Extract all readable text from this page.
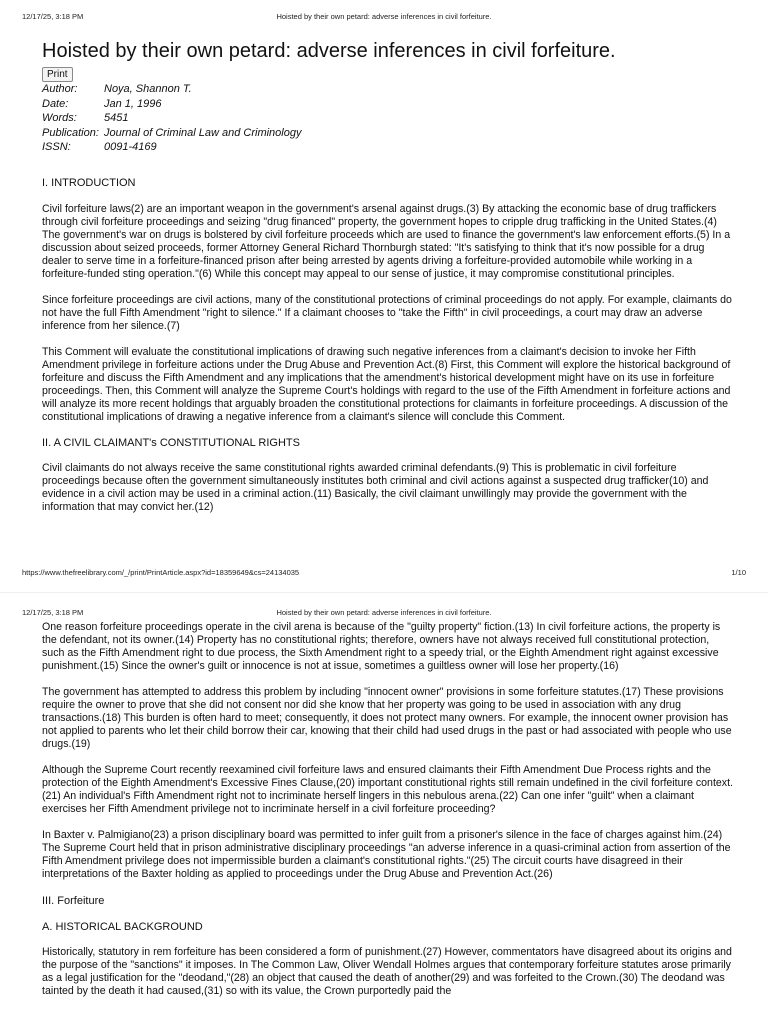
12/17/25, 3:18 PM	Hoisted by their own petard: adverse inferences in civil forfeiture.
Hoisted by their own petard: adverse inferences in civil forfeiture.
Print
Author:	Noya, Shannon T.
Date:	Jan 1, 1996
Words:	5451
Publication:	Journal of Criminal Law and Criminology
ISSN:	0091-4169
I. INTRODUCTION

Civil forfeiture laws(2) are an important weapon in the government's arsenal against drugs.(3) By attacking the economic base of drug traffickers through civil forfeiture proceedings and seizing "drug financed" property, the government hopes to cripple drug trafficking in the United States.(4) The government's war on drugs is bolstered by civil forfeiture proceeds which are used to finance the government's law enforcement efforts.(5) In a discussion about seized proceeds, former Attorney General Richard Thornburgh stated: "It's satisfying to think that it's now possible for a drug dealer to serve time in a forfeiture-financed prison after being arrested by agents driving a forfeiture-provided automobile while working in a forfeiture-funded sting operation."(6) While this concept may appeal to our sense of justice, it may compromise constitutional principles.

Since forfeiture proceedings are civil actions, many of the constitutional protections of criminal proceedings do not apply. For example, claimants do not have the full Fifth Amendment "right to silence." If a claimant chooses to "take the Fifth" in civil proceedings, a court may draw an adverse inference from her silence.(7)

This Comment will evaluate the constitutional implications of drawing such negative inferences from a claimant's decision to invoke her Fifth Amendment privilege in forfeiture actions under the Drug Abuse and Prevention Act.(8) First, this Comment will explore the historical background of forfeiture and discuss the Fifth Amendment and any implications that the amendment's historical development might have on its use in forfeiture proceedings. Then, this Comment will analyze the Supreme Court's holdings with regard to the use of the Fifth Amendment in forfeiture actions and will analyze its more recent holdings that arguably broaden the constitutional protections for claimants in forfeiture proceedings. A discussion of the constitutional implications of drawing a negative inference from a claimant's silence will conclude this Comment.

II. A CIVIL CLAIMANT's CONSTITUTIONAL RIGHTS

Civil claimants do not always receive the same constitutional rights awarded criminal defendants.(9) This is problematic in civil forfeiture proceedings because often the government simultaneously institutes both criminal and civil actions against a suspected drug trafficker(10) and evidence in a civil action may be used in a criminal action.(11) Basically, the civil claimant unwillingly may provide the government with the information that may convict her.(12)

https://www.thefreelibrary.com/_/print/PrintArticle.aspx?id=18359649&cs=24134035	1/10
12/17/25, 3:18 PM	Hoisted by their own petard: adverse inferences in civil forfeiture.

One reason forfeiture proceedings operate in the civil arena is because of the "guilty property" fiction.(13) In civil forfeiture actions, the property is the defendant, not its owner.(14) Property has no constitutional rights; therefore, owners have not always received full constitutional protection, such as the Fifth Amendment right to due process, the Sixth Amendment right to a speedy trial, or the Eighth Amendment right against excessive punishment.(15) Since the owner's guilt or innocence is not at issue, sometimes a guiltless owner will lose her property.(16)

The government has attempted to address this problem by including "innocent owner" provisions in some forfeiture statutes.(17) These provisions require the owner to prove that she did not consent nor did she know that her property was going to be used in association with any drug transactions.(18) This burden is often hard to meet; consequently, it does not protect many owners. For example, the innocent owner provision has not applied to parents who let their child borrow their car, knowing that their child had used drugs in the past or had associated with people who use drugs.(19)

Although the Supreme Court recently reexamined civil forfeiture laws and ensured claimants their Fifth Amendment Due Process rights and the protection of the Eighth Amendment's Excessive Fines Clause,(20) important constitutional rights still remain undefined in the civil forfeiture context.(21) An individual's Fifth Amendment right not to incriminate herself lingers in this nebulous arena.(22) Can one infer "guilt" when a claimant exercises her Fifth Amendment privilege not to incriminate herself in a civil forfeiture proceeding?

In Baxter v. Palmigiano(23) a prison disciplinary board was permitted to infer guilt from a prisoner's silence in the face of charges against him.(24) The Supreme Court held that in prison administrative disciplinary proceedings "an adverse inference in a quasi-criminal action from assertion of the Fifth Amendment privilege does not impermissible burden a claimant's constitutional rights."(25) The circuit courts have disagreed in their interpretations of the Baxter holding as applied to proceedings under the Drug Abuse and Prevention Act.(26)

III. Forfeiture
A. HISTORICAL BACKGROUND

Historically, statutory in rem forfeiture has been considered a form of punishment.(27) However, commentators have disagreed about its origins and the purpose of the "sanctions" it imposes. In The Common Law, Oliver Wendall Holmes argues that contemporary forfeiture statutes arose primarily as a legal justification for the "deodand,"(28) an object that caused the death of another(29) and was forfeited to the Crown.(30) The deodand was tainted by the death it had caused,(31) so with its value, the Crown purportedly paid the
